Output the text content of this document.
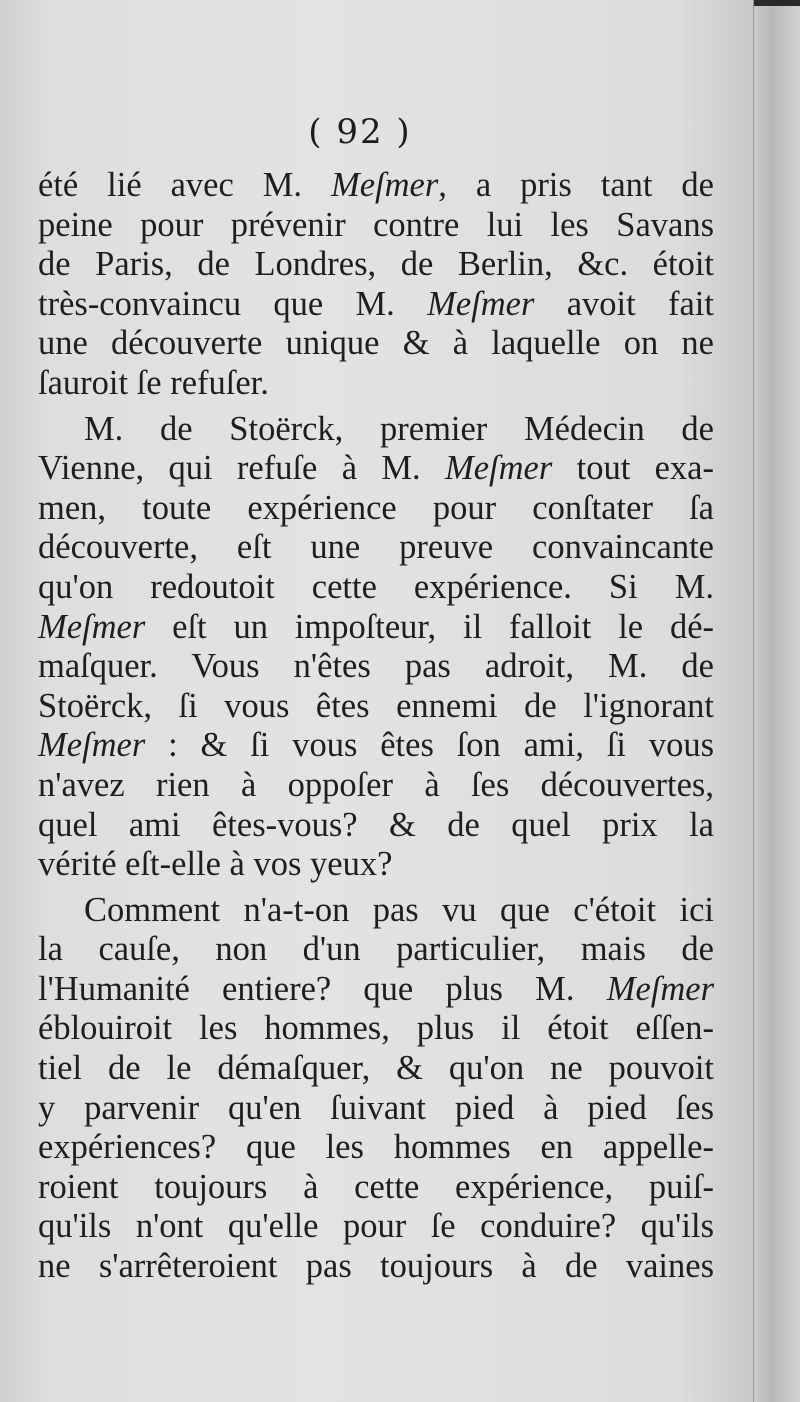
( 92 )
été lié avec M. Meſmer, a pris tant de
peine pour prévenir contre lui les Savans
de Paris, de Londres, de Berlin, &c. étoit
très-convaincu que M. Meſmer avoit fait
une découverte unique & à laquelle on ne
ſauroit ſe refuſer.
M. de Stoërck, premier Médecin de
Vienne, qui refuſe à M. Meſmer tout exa-
men, toute expérience pour conſtater ſa
découverte, eſt une preuve convaincante
qu'on redoutoit cette expérience. Si M.
Meſmer eſt un impoſteur, il falloit le dé-
maſquer. Vous n'êtes pas adroit, M. de
Stoërck, ſi vous êtes ennemi de l'ignorant
Meſmer : & ſi vous êtes ſon ami, ſi vous
n'avez rien à oppoſer à ſes découvertes,
quel ami êtes-vous? & de quel prix la
vérité eſt-elle à vos yeux?
Comment n'a-t-on pas vu que c'étoit ici
la cauſe, non d'un particulier, mais de
l'Humanité entiere? que plus M. Meſmer
éblouiroit les hommes, plus il étoit eſſen-
tiel de le démaſquer, & qu'on ne pouvoit
y parvenir qu'en ſuivant pied à pied ſes
expériences? que les hommes en appelle-
roient toujours à cette expérience, puiſ-
qu'ils n'ont qu'elle pour ſe conduire? qu'ils
ne s'arrêteroient pas toujours à de vaines
